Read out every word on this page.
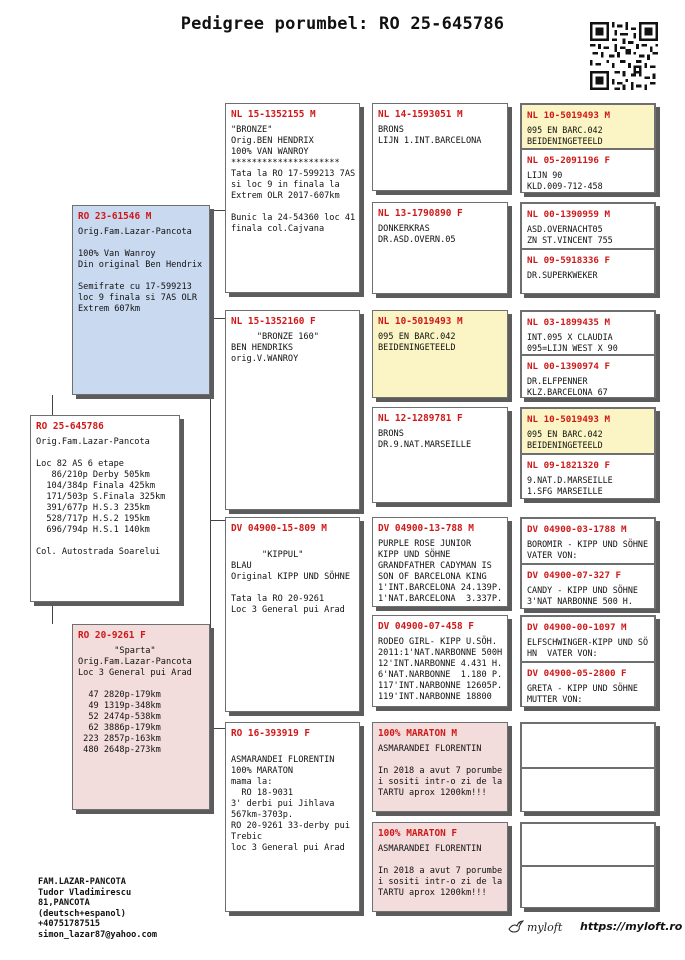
Pedigree porumbel: RO 25-645786
RO 23-61546 M
Orig.Fam.Lazar-Pancota

100% Van Wanroy
Din original Ben Hendrix

Semifrate cu 17-599213
loc 9 finala si 7AS OLR
Extrem 607km
RO 25-645786
Orig.Fam.Lazar-Pancota

Loc 82 AS 6 etape
86/210p Derby 505km
104/384p Finala 425km
171/503p S.Finala 325km
391/677p H.S.3 235km
528/717p H.S.2 195km
696/794p H.S.1 140km

Col. Autostrada Soarelui
RO 20-9261 F
"Sparta"
Orig.Fam.Lazar-Pancota
Loc 3 General pui Arad

47 2820p-179km
49 1319p-348km
52 2474p-538km
62 3886p-179km
223 2857p-163km
480 2648p-273km
NL 15-1352155 M
"BRONZE"
Orig.BEN HENDRIX
100% VAN WANROY
*********************
Tata la RO 17-599213 7AS
si loc 9 in finala la
Extrem OLR 2017-607km

Bunic la 24-54360 loc 41
finala col.Cajvana
NL 15-1352160 F
"BRONZE 160"
BEN HENDRIKS
orig.V.WANROY
DV 04900-15-809 M

"KIPPUL"
BLAU
Original KIPP UND SÖHNE

Tata la RO 20-9261
Loc 3 General pui Arad
RO 16-393919 F

ASMARANDEI FLORENTIN
100% MARATON
mama la:
RO 18-9031
3' derbi pui Jihlava
567km-3703p.
RO 20-9261 33-derby pui
Trebic
loc 3 General pui Arad
NL 14-1593051 M
BRONS
LIJN 1.INT.BARCELONA
NL 13-1790890 F
DONKERKRAS
DR.ASD.OVERN.05
NL 10-5019493 M
095 EN BARC.042
BEIDENINGETEELD
NL 12-1289781 F
BRONS
DR.9.NAT.MARSEILLE
DV 04900-13-788 M
PURPLE ROSE JUNIOR
KIPP UND SÖHNE
GRANDFATHER CADYMAN IS
SON OF BARCELONA KING
1'INT.BARCELONA 24.139P.
1'NAT.BARCELONA  3.337P.
DV 04900-07-458 F
RODEO GIRL- KIPP U.SÖH.
2011:1'NAT.NARBONNE 500H
12'INT.NARBONNE 4.431 H.
6'NAT.NARBONNE  1.180 P.
117'INT.NARBONNE 12605P.
119'INT.NARBONNE 18800
100% MARATON M
ASMARANDEI FLORENTIN

In 2018 a avut 7 porumbe
i sositi intr-o zi de la
TARTU aprox 1200km!!!
100% MARATON F
ASMARANDEI FLORENTIN

In 2018 a avut 7 porumbe
i sositi intr-o zi de la
TARTU aprox 1200km!!!
NL 10-5019493 M
095 EN BARC.042
BEIDENINGETEELD
NL 05-2091196 F
LIJN 90
KLD.009-712-458
NL 00-1390959 M
ASD.OVERNACHT05
ZN ST.VINCENT 755
NL 09-5918336 F
DR.SUPERKWEKER
NL 03-1899435 M
INT.095 X CLAUDIA
095=LIJN WEST X 90
NL 00-1390974 F
DR.ELFPENNER
KLZ.BARCELONA 67
NL 10-5019493 M
095 EN BARC.042
BEIDENINGETEELD
NL 09-1821320 F
9.NAT.D.MARSEILLE
1.SFG MARSEILLE
DV 04900-03-1788 M
BOROMIR - KIPP UND SÖHNE
VATER VON:
DV 04900-07-327 F
CANDY - KIPP UND SÖHNE
3'NAT NARBONNE 500 H.
DV 04900-00-1097 M
ELFSCHWINGER-KIPP UND SÖ
HN  VATER VON:
DV 04900-05-2800 F
GRETA - KIPP UND SÖHNE
MUTTER VON:
FAM.LAZAR-PANCOTA
Tudor Vladimirescu
81,PANCOTA
(deutsch+espanol)
+40751787515
simon_lazar87@yahoo.com
myloft https://myloft.ro
